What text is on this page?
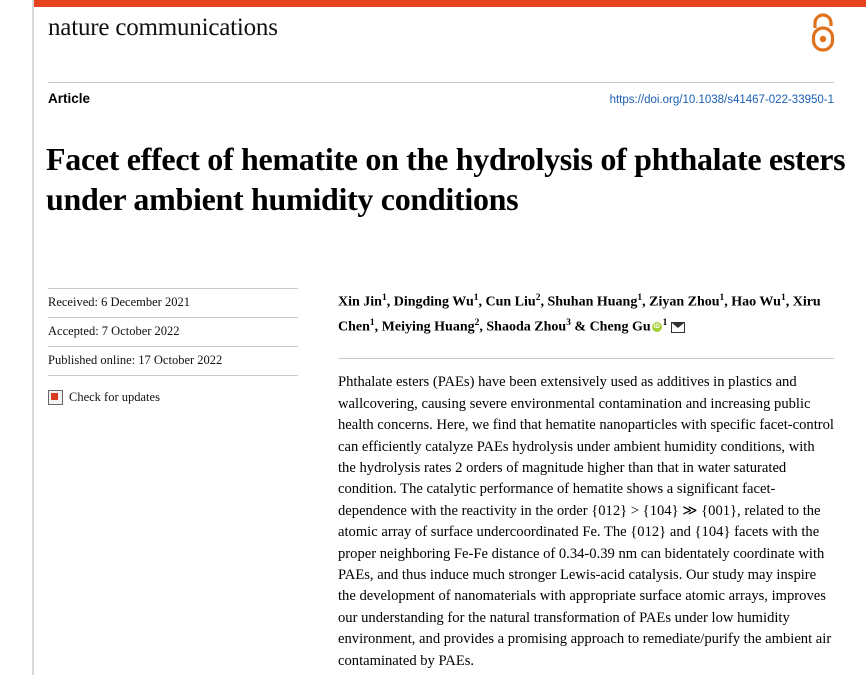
nature communications
Article	https://doi.org/10.1038/s41467-022-33950-1
Facet effect of hematite on the hydrolysis of phthalate esters under ambient humidity conditions
Received: 6 December 2021
Accepted: 7 October 2022
Published online: 17 October 2022
Check for updates
Xin Jin$^1$, Dingding Wu$^1$, Cun Liu$^2$, Shuhan Huang$^1$, Ziyan Zhou$^1$, Hao Wu$^1$, Xiru Chen$^1$, Meiying Huang$^2$, Shaoda Zhou$^3$ & Cheng Gu iD $^1$
Phthalate esters (PAEs) have been extensively used as additives in plastics and wallcovering, causing severe environmental contamination and increasing public health concerns. Here, we find that hematite nanoparticles with specific facet-control can efficiently catalyze PAEs hydrolysis under ambient humidity conditions, with the hydrolysis rates 2 orders of magnitude higher than that in water saturated condition. The catalytic performance of hematite shows a significant facet-dependence with the reactivity in the order {012} > {104} ≫ {001}, related to the atomic array of surface undercoordinated Fe. The {012} and {104} facets with the proper neighboring Fe-Fe distance of 0.34-0.39 nm can bidentately coordinate with PAEs, and thus induce much stronger Lewis-acid catalysis. Our study may inspire the development of nanomaterials with appropriate surface atomic arrays, improves our understanding for the natural transformation of PAEs under low humidity environment, and provides a promising approach to remediate/purify the ambient air contaminated by PAEs.
